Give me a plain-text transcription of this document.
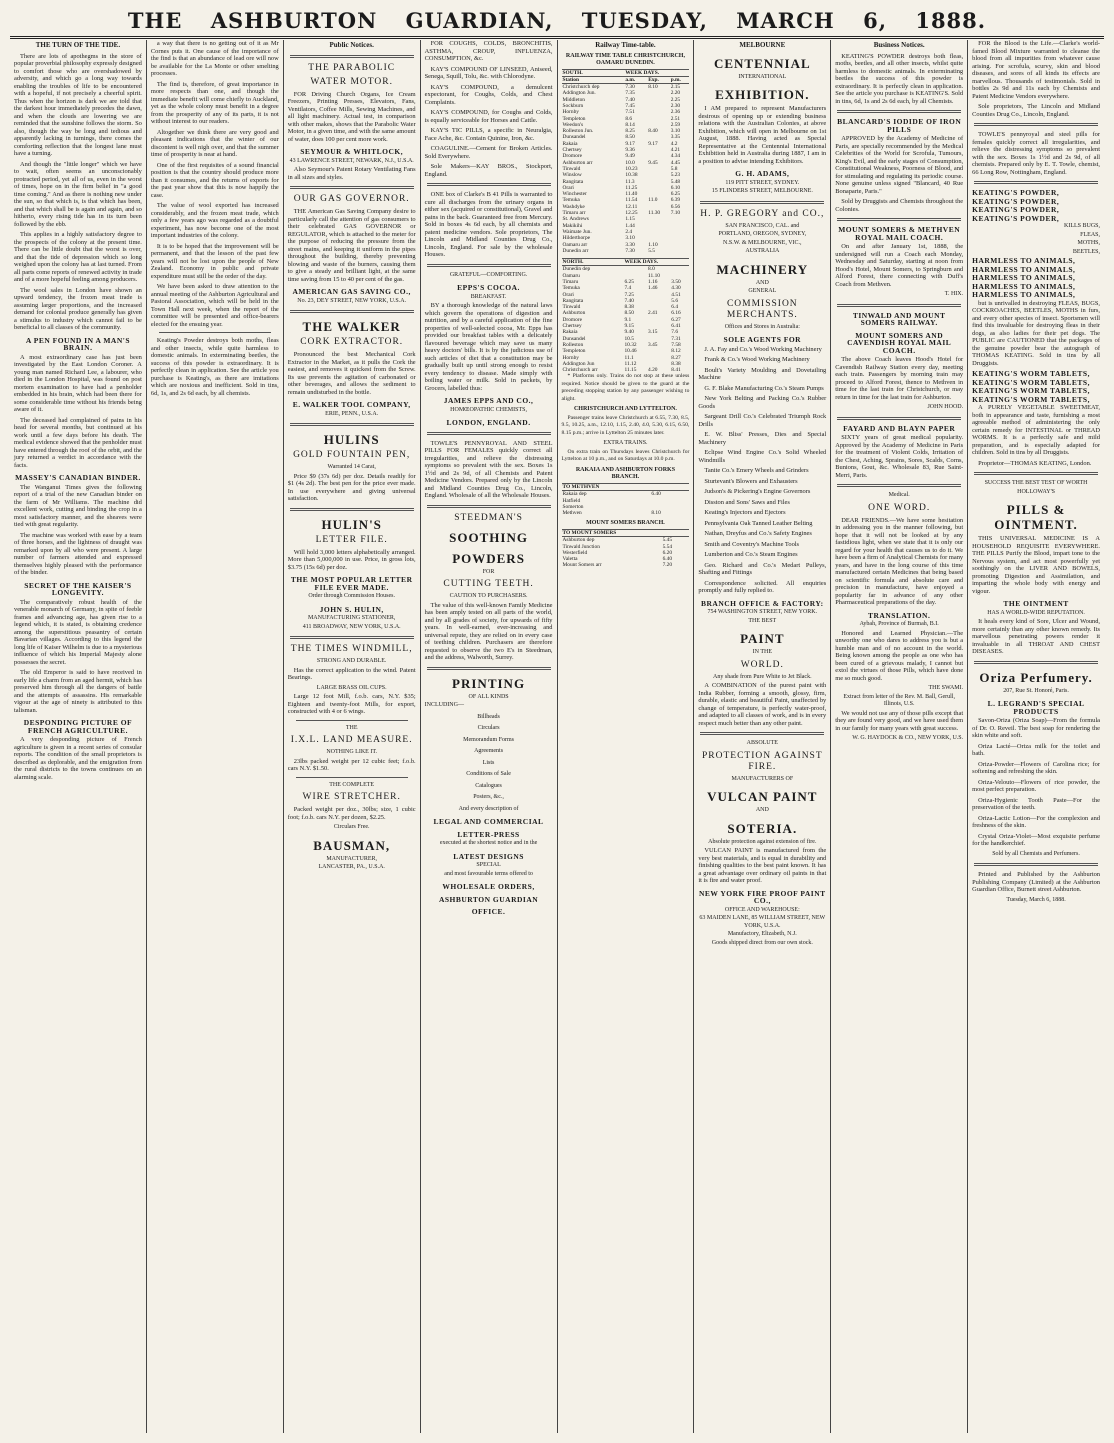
THE ASHBURTON GUARDIAN, TUESDAY, MARCH 6, 1888.
THE TURN OF THE TIDE.

There are lots of apothegms in the store of popular proverbial philosophy expressly designed to comfort those who are overshadowed by adversity, and which go a long way towards enabling the troubles of life to be encountered with a hopeful, if not precisely a cheerful spirit. Thus when the horizon is dark we are told that the darkest hour immediately precedes the dawn, and when the clouds are lowering we are reminded that the sunshine follows the storm. So also, though the way be long and tedious and apparently lacking in turnings, there comes the comforting reflection that the longest lane must have a turning.

And though the "little longer" which we have to wait, often seems an unconscionably protracted period, yet all of us, even in the worst of times, hope on in the firm belief in "a good time coming." And as there is nothing new under the sun, so that which is, is that which has been, and that which shall be is again and again, and so hitherto, every rising tide has in its turn been followed by the ebb.

This applies in a highly satisfactory degree to the prospects of the colony at the present time. There can be little doubt that the worst is over, and that the tide of depression which so long weighed upon the colony has at last turned. From all parts come reports of renewed activity in trade and of a more hopeful feeling among producers.

The wool sales in London have shown an upward tendency, the frozen meat trade is assuming larger proportions, and the increased demand for colonial produce generally has given a stimulus to industry which cannot fail to be beneficial to all classes of the community.

A PEN FOUND IN A MAN'S BRAIN.

A most extraordinary case has just been investigated by the East London Coroner. A young man named Richard Lee, a labourer, who died in the London Hospital, was found on post mortem examination to have had a penholder embedded in his brain, which had been there for some considerable time without his friends being aware of it.

The deceased had complained of pains in his head for several months, but continued at his work until a few days before his death. The medical evidence showed that the penholder must have entered through the roof of the orbit, and the jury returned a verdict in accordance with the facts.

MASSEY'S CANADIAN BINDER.

The Wanganui Times gives the following report of a trial of the new Canadian binder on the farm of Mr Williams. The machine did excellent work, cutting and binding the crop in a most satisfactory manner, and the sheaves were tied with great regularity.

The machine was worked with ease by a team of three horses, and the lightness of draught was remarked upon by all who were present. A large number of farmers attended and expressed themselves highly pleased with the performance of the binder.

SECRET OF THE KAISER'S LONGEVITY.

The comparatively robust health of the venerable monarch of Germany, in spite of feeble frames and advancing age, has given rise to a legend which, it is stated, is obtaining credence among the superstitious peasantry of certain Bavarian villages. According to this legend the long life of Kaiser Wilhelm is due to a mysterious influence of which his Imperial Majesty alone possesses the secret.

The old Emperor is said to have received in early life a charm from an aged hermit, which has preserved him through all the dangers of battle and the attempts of assassins. His remarkable vigour at the age of ninety is attributed to this talisman.

DESPONDING PICTURE OF FRENCH AGRICULTURE.

A very desponding picture of French agriculture is given in a recent series of consular reports. The condition of the small proprietors is described as deplorable, and the emigration from the rural districts to the towns continues on an alarming scale.

a way that there is no getting out of it as Mr Cornes puts it. One cause of the importance of the find is that an abundance of lead ore will now be available for the La Monte or other smelting processes.

The find is, therefore, of great importance in more respects than one, and though the immediate benefit will come chiefly to Auckland, yet as the whole colony must benefit in a degree from the prosperity of any of its parts, it is not without interest to our readers.

Altogether we think there are very good and pleasant indications that the winter of our discontent is well nigh over, and that the summer time of prosperity is near at hand.

One of the first requisites of a sound financial position is that the country should produce more than it consumes, and the returns of exports for the past year show that this is now happily the case.

The value of wool exported has increased considerably, and the frozen meat trade, which only a few years ago was regarded as a doubtful experiment, has now become one of the most important industries of the colony.

It is to be hoped that the improvement will be permanent, and that the lesson of the past few years will not be lost upon the people of New Zealand. Economy in public and private expenditure must still be the order of the day.

We have been asked to draw attention to the annual meeting of the Ashburton Agricultural and Pastoral Association, which will be held in the Town Hall next week, when the report of the committee will be presented and office-bearers elected for the ensuing year.

Keating's Powder destroys both moths, fleas and other insects, while quite harmless to domestic animals. In exterminating beetles, the success of this powder is extraordinary. It is perfectly clean in application. See the article you purchase is Keating's, as there are imitations which are noxious and inefficient. Sold in tins, 6d, 1s, and 2s 6d each, by all chemists.

Public Notices.
THE PARABOLIC
WATER MOTOR.

FOR Driving Church Organs, Ice Cream Freezers, Printing Presses, Elevators, Fans, Ventilators, Coffee Mills, Sewing Machines, and all light machinery. Actual test, in comparison with other makes, shows that the Parabolic Water Motor, in a given time, and with the same amount of water, does 100 per cent more work.

SEYMOUR & WHITLOCK,
43 LAWRENCE STREET, NEWARK, N.J., U.S.A.

Also Seymour's Patent Rotary Ventilating Fans in all sizes and styles.

OUR GAS GOVERNOR.

THE American Gas Saving Company desire to particularly call the attention of gas consumers to their celebrated GAS GOVERNOR or REGULATOR, which is attached to the meter for the purpose of reducing the pressure from the street mains, and keeping it uniform in the pipes throughout the building, thereby preventing blowing and waste of the burners, causing them to give a steady and brilliant light, at the same time saving from 15 to 40 per cent of the gas.

AMERICAN GAS SAVING CO.,
No. 23, DEY STREET, NEW YORK, U.S.A.
THE WALKER
CORK EXTRACTOR.

Pronounced the best Mechanical Cork Extractor in the Market, as it pulls the Cork the easiest, and removes it quickest from the Screw. Its use prevents the agitation of carbonated or other beverages, and allows the sediment to remain undisturbed in the bottle.

E. WALKER TOOL COMPANY,
ERIE, PENN., U.S.A.
HULINS
GOLD FOUNTAIN PEN,
Warranted 14 Carat,

Price $9 (37s 6d) per doz. Details readily for $1 (4s 2d). The best pen for the price ever made. In use everywhere and giving universal satisfaction.

HULIN'S
LETTER FILE.

Will hold 3,000 letters alphabetically arranged. More than 5,000,000 in use. Price, in gross lots, $3.75 (15s 6d) per doz.

THE MOST POPULAR LETTER FILE EVER MADE.
Order through Commission Houses.
JOHN S. HULIN,
MANUFACTURING STATIONER,
411 BROADWAY, NEW YORK, U.S.A.
THE TIMES WINDMILL,
STRONG AND DURABLE.

Has the correct application to the wind. Patent Bearings.

LARGE BRASS OIL CUPS.

Large 12 foot Mill, f.o.b. cars, N.Y. $35; Eighteen and twenty-foot Mills, for export, constructed with 4 or 6 wings.

THE
I.X.L. LAND MEASURE.
NOTHING LIKE IT.

23lbs packed weight per 12 cubic feet; f.o.b. cars N.Y. $1.50.

THE COMPLETE
WIRE STRETCHER.

Packed weight per doz., 30lbs; size, 1 cubic foot; f.o.b. cars N.Y. per dozen, $2.25.

Circulars Free.
BAUSMAN,
MANUFACTURER,
LANCASTER, PA., U.S.A.

FOR COUGHS, COLDS, BRONCHITIS, ASTHMA, CROUP, INFLUENZA, CONSUMPTION, &c.

KAY'S COMPOUND OF LINSEED, Aniseed, Senega, Squill, Tolu, &c. with Chlorodyne.

KAY'S COMPOUND, a demulcent expectorant, for Coughs, Colds, and Chest Complaints.

KAY'S COMPOUND, for Coughs and Colds, is equally serviceable for Horses and Cattle.

KAY'S TIC PILLS, a specific in Neuralgia, Face Ache, &c. Contain Quinine, Iron, &c.

COAGULINE.—Cement for Broken Articles. Sold Everywhere.

Sole Makers—KAY BROS., Stockport, England.

ONE box of Clarke's B 41 Pills is warranted to cure all discharges from the urinary organs in either sex (acquired or constitutional), Gravel and pains in the back. Guaranteed free from Mercury. Sold in boxes 4s 6d each, by all chemists and patent medicine vendors. Sole proprietors, The Lincoln and Midland Counties Drug Co., Lincoln, England. For sale by the wholesale Houses.

GRATEFUL—COMFORTING.
EPPS'S COCOA.
BREAKFAST.

BY a thorough knowledge of the natural laws which govern the operations of digestion and nutrition, and by a careful application of the fine properties of well-selected cocoa, Mr. Epps has provided our breakfast tables with a delicately flavoured beverage which may save us many heavy doctors' bills. It is by the judicious use of such articles of diet that a constitution may be gradually built up until strong enough to resist every tendency to disease. Made simply with boiling water or milk. Sold in packets, by Grocers, labelled thus:

JAMES EPPS AND CO.,
HOMŒOPATHIC CHEMISTS,
LONDON, ENGLAND.

TOWLE'S PENNYROYAL AND STEEL PILLS FOR FEMALES quickly correct all irregularities, and relieve the distressing symptoms so prevalent with the sex. Boxes 1s 1½d and 2s 9d, of all Chemists and Patent Medicine Vendors. Prepared only by the Lincoln and Midland Counties Drug Co., Lincoln, England. Wholesale of all the Wholesale Houses.

STEEDMAN'S
SOOTHING
POWDERS
FOR
CUTTING TEETH.
CAUTION TO PURCHASERS.

The value of this well-known Family Medicine has been amply tested on all parts of the world, and by all grades of society, for upwards of fifty years. In well-earned, ever-increasing and universal repute, they are relied on in every case of teething children. Purchasers are therefore requested to observe the two E's in Steedman, and the address, Walworth, Surrey.

PRINTING
OF ALL KINDS
INCLUDING—
Billheads
Circulars
Memorandum Forms
Agreements
Lists
Conditions of Sale
Catalogues
Posters, &c.,
And every description of
LEGAL AND COMMERCIAL
LETTER-PRESS
executed at the shortest notice and in the
LATEST DESIGNS
SPECIAL
and most favourable terms offered to
WHOLESALE ORDERS,
ASHBURTON GUARDIAN
OFFICE.
Railway Time-table.
RAILWAY TIME TABLE CHRISTCHURCH, OAMARU DUNEDIN.
SOUTH.	WEEK DAYS.		
Station	a.m.	Exp.	p.m.
Christchurch dep	7.30	8.10	2.15
Addington Jun.	7.35		2.20
Middleton	7.40		2.25
Sockburn	7.45		2.30
Hornby	7.51		2.36
Templeton	8.6		2.51
Weedon's	8.14		2.59
Rolleston Jun.	8.25	8.40	3.10
Dunsandel	8.50		3.35
Rakaia	9.17	9.17	4.2
Chertsey	9.36		4.21
Dromore	9.49		4.34
Ashburton arr	10.0	9.45	4.45
Tinwald	10.23		5.8
Winslow	10.38		5.23
Rangitata	11.3		5.48
Orari	11.25		6.10
Winchester	11.40		6.25
Temuka	11.54	11.0	6.39
Washdyke	12.11		6.56
Timaru arr	12.25	11.30	7.10
St. Andrews	1.15		
Makikihi	1.44		
Waimate Jun.	2.4		
Hilderthorpe	3.10		
Oamaru arr	3.30	1.10	
Dunedin arr	7.30	5.5	
NORTH.	WEEK DAYS.		
Dunedin dep		8.0	
Oamaru		11.10	
Timaru	6.25	1.16	3.50
Temuka	7.4	1.46	4.30
Orari	7.25		4.51
Rangitata	7.40		5.6
Tinwald	8.38		6.4
Ashburton	8.50	2.41	6.16
Dromore	9.1		6.27
Chertsey	9.15		6.41
Rakaia	9.40	3.15	7.6
Dunsandel	10.5		7.31
Rolleston	10.32	3.45	7.58
Templeton	10.46		8.12
Hornby	11.1		8.27
Addington Jun	11.12		8.38
Christchurch arr	11.15	4.20	8.41

* Platforms only. Trains do not stop at these unless required. Notice should be given to the guard at the preceding stopping station by any passenger wishing to alight.

CHRISTCHURCH AND LYTTELTON.

Passenger trains leave Christchurch at 6.55, 7.30, 8.5, 9.5, 10.25, a.m., 12.10, 1.15, 2.40, 4.0, 5.30, 6.15, 6.50, 8.15 p.m.; arrive in Lyttelton 25 minutes later.

EXTRA TRAINS.

On extra train on Thursdays leaves Christchurch for Lyttelton at 10 p.m., and on Saturdays at 10.0 p.m.

RAKAIA AND ASHBURTON FORKS BRANCH.
TO METHVEN	
Rakaia dep	6.40
Hatfield	
Somerton	
Methven	8.10
MOUNT SOMERS BRANCH.
TO MOUNT SOMERS	
Ashburton dep	5.45
Tinwald Junction	5.54
Westerfield	6.20
Valetta	6.40
Mount Somers arr	7.20
MELBOURNE
CENTENNIAL
INTERNATIONAL
EXHIBITION.

I AM prepared to represent Manufacturers desirous of opening up or extending business relations with the Australian Colonies, at above Exhibition, which will open in Melbourne on 1st August, 1888. Having acted as Special Representative at the Centennial International Exhibition held in Australia during 1887, I am in a position to advise intending Exhibitors.

G. H. ADAMS,
119 PITT STREET, SYDNEY.
15 FLINDERS STREET, MELBOURNE.
H. P. GREGORY and CO.,
SAN FRANCISCO, CAL. and
PORTLAND, OREGON, SYDNEY,
N.S.W. & MELBOURNE, VIC.,
AUSTRALIA
MACHINERY
AND
GENERAL
COMMISSION MERCHANTS.
Offices and Stores in Australia:
SOLE AGENTS FOR

J. A. Fay and Co.'s Wood Working Machinery

Frank & Co.'s Wood Working Machinery

Boult's Variety Moulding and Dovetailing Machine

G. F. Blake Manufacturing Co.'s Steam Pumps

New York Belting and Packing Co.'s Rubber Goods

Sargeant Drill Co.'s Celebrated Triumph Rock Drills

E. W. Bliss' Presses, Dies and Special Machinery

Eclipse Wind Engine Co.'s Solid Wheeled Windmills

Tanite Co.'s Emery Wheels and Grinders

Sturtevant's Blowers and Exhausters

Judson's & Pickering's Engine Governors

Disston and Sons' Saws and Files

Keating's Injectors and Ejectors

Pennsylvania Oak Tanned Leather Belting

Nathan, Dreyfus and Co.'s Safety Engines

Smith and Coventry's Machine Tools

Lumberton and Co.'s Steam Engines

Geo. Richard and Co.'s Medart Pulleys, Shafting and Fittings

Correspondence solicited. All enquiries promptly and fully replied to.

BRANCH OFFICE & FACTORY:
754 WASHINGTON STREET, NEW YORK.
THE BEST
PAINT
IN THE
WORLD.
Any shade from Pure White to Jet Black.

A COMBINATION of the purest paint with India Rubber, forming a smooth, glossy, firm, durable, elastic and beautiful Paint, unaffected by change of temperature, is perfectly water-proof, and adapted to all classes of work, and is in every respect much better than any other paint.

ABSOLUTE
PROTECTION AGAINST FIRE.
MANUFACTURERS OF
VULCAN PAINT
AND
SOTERIA.
Absolute protection against extension of fire.

VULCAN PAINT is manufactured from the very best materials, and is equal in durability and finishing qualities to the best paint known. It has a great advantage over ordinary oil paints in that it is fire and water proof.

NEW YORK FIRE PROOF PAINT CO.,
OFFICE AND WAREHOUSE:
63 MAIDEN LANE, 85 WILLIAM STREET, NEW YORK, U.S.A.
Manufactory, Elizabeth, N.J.
Goods shipped direct from our own stock.
Business Notices.

KEATING'S POWDER destroys both fleas, moths, beetles, and all other insects, whilst quite harmless to domestic animals. In exterminating beetles the success of this powder is extraordinary. It is perfectly clean in application. See the article you purchase is KEATING'S. Sold in tins, 6d, 1s and 2s 6d each, by all Chemists.

BLANCARD'S IODIDE OF IRON PILLS

APPROVED by the Academy of Medicine of Paris, are specially recommended by the Medical Celebrities of the World for Scrofula, Tumours, King's Evil, and the early stages of Consumption, Constitutional Weakness, Poorness of Blood, and for stimulating and regulating its periodic course. None genuine unless signed "Blancard, 40 Rue Bonaparte, Paris."

Sold by Druggists and Chemists throughout the Colonies.

MOUNT SOMERS & METHVEN ROYAL MAIL COACH.

On and after January 1st, 1888, the undersigned will run a Coach each Monday, Wednesday and Saturday, starting at noon from Hood's Hotel, Mount Somers, to Springburn and Alford Forest, there connecting with Duff's Coach from Methven.

T. HIX.
TINWALD AND MOUNT SOMERS RAILWAY.
MOUNT SOMERS AND CAVENDISH ROYAL MAIL COACH.

The above Coach leaves Hood's Hotel for Cavendish Railway Station every day, meeting each train. Passengers by morning train may proceed to Alford Forest, thence to Methven in time for the last train for Christchurch, or may return in time for the last train for Ashburton.

JOHN HOOD.
FAYARD AND BLAYN PAPER

SIXTY years of great medical popularity. Approved by the Academy of Medicine in Paris for the treatment of Violent Colds, Irritation of the Chest, Aching, Sprains, Sores, Scalds, Corns, Bunions, Gout, &c. Wholesale 83, Rue Saint-Merri, Paris.

Medical.
ONE WORD.

DEAR FRIENDS.—We have some hesitation in addressing you in the manner following, but hope that it will not be looked at by any fastidious light, when we state that it is only our regard for your health that causes us to do it. We have been a firm of Analytical Chemists for many years, and have in the long course of this time manufactured certain Medicines that being based on scientific formula and absolute care and precision in manufacture, have enjoyed a popularity far in advance of any other Pharmaceutical preparations of the day.

TRANSLATION.
Aybah, Province of Burmah, B.I.

Honored and Learned Physician.—The unworthy one who dares to address you is but a humble man and of no account in the world. Being known among the people as one who has been cured of a grievous malady, I cannot but extol the virtues of those Pills, which have done me so much good.

THE SWAMI.
Extract from letter of the Rev. M. Ball, Gerull, Illinois, U.S.

We would not use any of those pills except that they are found very good, and we have used them in our family for many years with great success.

W. G. HAYDOCK & CO., NEW YORK, U.S.

FOR the Blood is the Life.—Clarke's world-famed Blood Mixture warranted to cleanse the blood from all impurities from whatever cause arising. For scrofula, scurvy, skin and blood diseases, and sores of all kinds its effects are marvellous. Thousands of testimonials. Sold in bottles 2s 9d and 11s each by Chemists and Patent Medicine Vendors everywhere.

Sole proprietors, The Lincoln and Midland Counties Drug Co., Lincoln, England.

TOWLE'S pennyroyal and steel pills for females quickly correct all irregularities, and relieve the distressing symptoms so prevalent with the sex. Boxes 1s 1½d and 2s 9d, of all chemists. Prepared only by E. T. Towle, chemist, 66 Long Row, Nottingham, England.

KEATING'S POWDER,
KEATING'S POWDER,
KEATING'S POWDER,
KEATING'S POWDER,
KILLS BUGS,
FLEAS,
MOTHS,
BEETLES,
HARMLESS TO ANIMALS,
HARMLESS TO ANIMALS,
HARMLESS TO ANIMALS,
HARMLESS TO ANIMALS,
HARMLESS TO ANIMALS,

but is unrivalled in destroying FLEAS, BUGS, COCKROACHES, BEETLES, MOTHS in furs, and every other species of insect. Sportsmen will find this invaluable for destroying fleas in their dogs, as also ladies for their pet dogs. The PUBLIC are CAUTIONED that the packages of the genuine powder bear the autograph of THOMAS KEATING. Sold in tins by all Druggists.

KEATING'S WORM TABLETS,
KEATING'S WORM TABLETS,
KEATING'S WORM TABLETS,
KEATING'S WORM TABLETS,

A PURELY VEGETABLE SWEETMEAT, both in appearance and taste, furnishing a most agreeable method of administering the only certain remedy for INTESTINAL or THREAD WORMS. It is a perfectly safe and mild preparation, and is especially adapted for children. Sold in tins by all Druggists.

Proprietor—THOMAS KEATING, London.

SUCCESS THE BEST TEST OF WORTH
HOLLOWAY'S
PILLS & OINTMENT.

THIS UNIVERSAL MEDICINE IS A HOUSEHOLD REQUISITE EVERYWHERE. THE PILLS Purify the Blood, impart tone to the Nervous system, and act most powerfully yet soothingly on the LIVER AND BOWELS, promoting Digestion and Assimilation, and imparting the whole body with energy and vigour.

THE OINTMENT
HAS A WORLD-WIDE REPUTATION.

It heals every kind of Sore, Ulcer and Wound, more certainly than any other known remedy. Its marvellous penetrating powers render it invaluable in all THROAT AND CHEST DISEASES.

Oriza Perfumery.
207, Rue St. Honoré, Paris.
L. LEGRAND'S SPECIAL PRODUCTS

Savon-Oriza (Oriza Soap)—From the formula of Dr. O. Reveil. The best soap for rendering the skin white and soft.

Oriza Lacté—Oriza milk for the toilet and bath.

Oriza-Powder—Flowers of Carolina rice; for softening and refreshing the skin.

Oriza-Velouto—Flowers of rice powder, the most perfect preparation.

Oriza-Hygienic Tooth Paste—For the preservation of the teeth.

Oriza-Lactic Lotion—For the complexion and freshness of the skin.

Crystal Oriza-Violet—Most exquisite perfume for the handkerchief.

Sold by all Chemists and Perfumers.

Printed and Published by the Ashburton Publishing Company (Limited) at the Ashburton Guardian Office, Burnett street Ashburton.

Tuesday, March 6, 1888.
